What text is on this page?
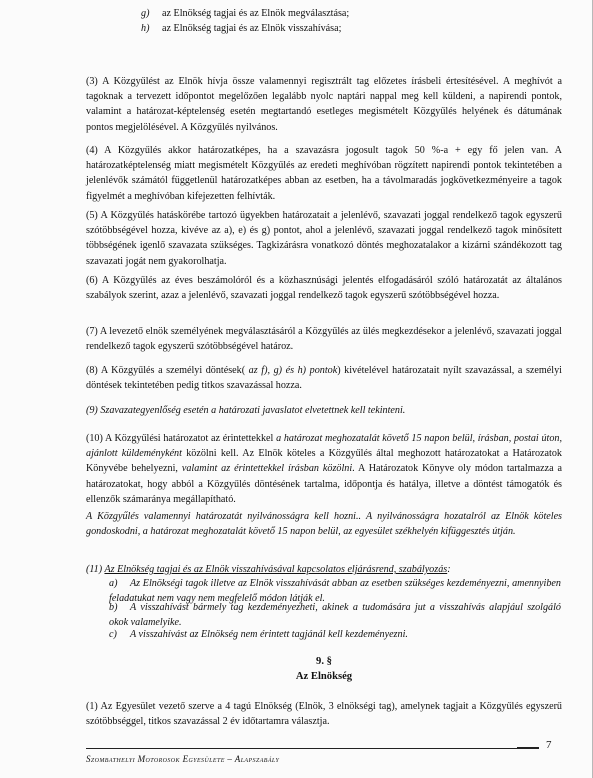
g) az Elnökség tagjai és az Elnök megválasztása;
h) az Elnökség tagjai és az Elnök visszahívása;

(3) A Közgyűlést az Elnök hívja össze valamennyi regisztrált tag előzetes írásbeli értesítésével. A meghívót a tagoknak a tervezett időpontot megelőzően legalább nyolc naptári nappal meg kell küldeni, a napirendi pontok, valamint a határozat-képtelenség esetén megtartandó esetleges megismételt Közgyűlés helyének és dátumának pontos megjelölésével. A Közgyűlés nyilvános.

(4) A Közgyűlés akkor határozatképes, ha a szavazásra jogosult tagok 50 %-a + egy fő jelen van. A határozatképtelenség miatt megismételt Közgyűlés az eredeti meghívóban rögzített napirendi pontok tekintetében a jelenlévők számától függetlenül határozatképes abban az esetben, ha a távolmaradás jogkövetkezményeire a tagok figyelmét a meghívóban kifejezetten felhívták.

(5) A Közgyűlés hatáskörébe tartozó ügyekben határozatait a jelenlévő, szavazati joggal rendelkező tagok egyszerű szótöbbségével hozza, kivéve az a), e) és g) pontot, ahol a jelenlévő, szavazati joggal rendelkező tagok minősített többségének igenlő szavazata szükséges. Tagkizárásra vonatkozó döntés meghozatalakor a kizárni szándékozott tag szavazati jogát nem gyakorolhatja.

(6) A Közgyűlés az éves beszámolóról és a közhasznúsági jelentés elfogadásáról szóló határozatát az általános szabályok szerint, azaz a jelenlévő, szavazati joggal rendelkező tagok egyszerű szótöbbségével hozza.

(7) A levezető elnök személyének megválasztásáról a Közgyűlés az ülés megkezdésekor a jelenlévő, szavazati joggal rendelkező tagok egyszerű szótöbbségével határoz.

(8) A Közgyűlés a személyi döntések( az f), g) és h) pontok) kivételével határozatait nyílt szavazással, a személyi döntések tekintetében pedig titkos szavazással hozza.

(9) Szavazategyenlőség esetén a határozati javaslatot elvetettnek kell tekinteni.

(10) A Közgyűlési határozatot az érintettekkel a határozat meghozatalát követő 15 napon belül, írásban, postai úton, ajánlott küldeményként közölni kell. Az Elnök köteles a Közgyűlés által meghozott határozatokat a Határozatok Könyvébe behelyezni, valamint az érintettekkel írásban közölni. A Határozatok Könyve oly módon tartalmazza a határozatokat, hogy abból a Közgyűlés döntésének tartalma, időpontja és hatálya, illetve a döntést támogatók és ellenzők számaránya megállapítható.

A Közgyűlés valamennyi határozatát nyilvánosságra kell hozni.. A nyilvánosságra hozatalról az Elnök köteles gondoskodni, a határozat meghozatalát követő 15 napon belül, az egyesület székhelyén kifüggesztés útján.

(11) Az Elnökség tagjai és az Elnök visszahívásával kapcsolatos eljárásrend, szabályozás:

a) Az Elnökségi tagok illetve az Elnök visszahívását abban az esetben szükséges kezdeményezni, amennyiben feladatukat nem vagy nem megfelelő módon látják el.
b) A visszahívást bármely tag kezdeményezheti, akinek a tudomására jut a visszahívás alapjául szolgáló okok valamelyike.
c) A visszahívást az Elnökség nem érintett tagjánál kell kezdeményezni.

9. §

Az Elnökség

(1) Az Egyesület vezető szerve a 4 tagú Elnökség (Elnök, 3 elnökségi tag), amelynek tagjait a Közgyűlés egyszerű szótöbbséggel, titkos szavazással 2 év időtartamra választja.

7
Szombathelyi Motorosok Egyesülete – Alapszabály
